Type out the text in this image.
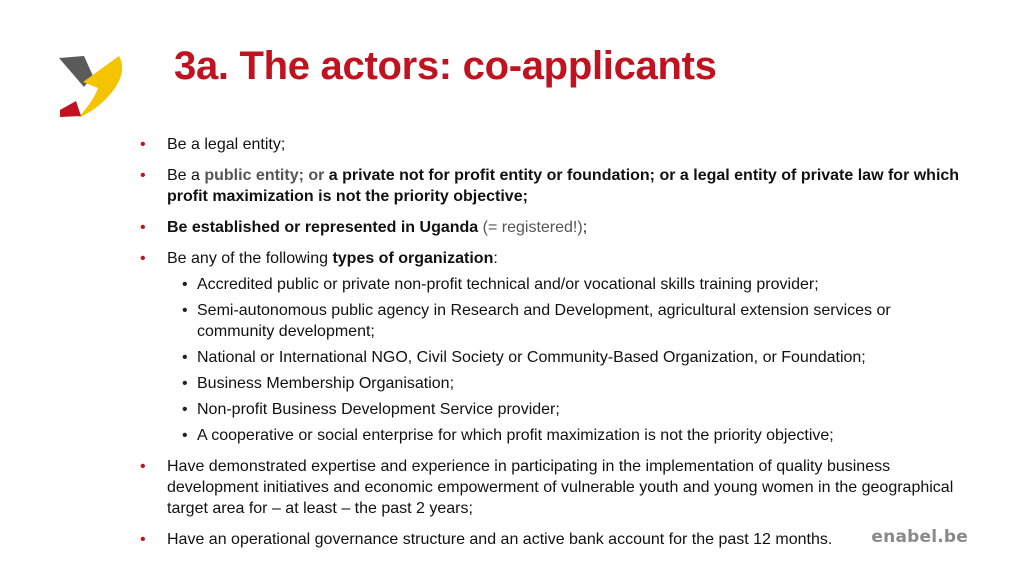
3a. The actors: co-applicants
• Be a legal entity;
• Be a public entity; or a private not for profit entity or foundation; or a legal entity of private law for which profit maximization is not the priority objective;
• Be established or represented in Uganda (= registered!);
• Be any of the following types of organization:
• Accredited public or private non-profit technical and/or vocational skills training provider;
• Semi-autonomous public agency in Research and Development, agricultural extension services or community development;
• National or International NGO, Civil Society or Community-Based Organization, or Foundation;
• Business Membership Organisation;
• Non-profit Business Development Service provider;
• A cooperative or social enterprise for which profit maximization is not the priority objective;
• Have demonstrated expertise and experience in participating in the implementation of quality business development initiatives and economic empowerment of vulnerable youth and young women in the geographical target area for – at least – the past 2 years;
• Have an operational governance structure and an active bank account for the past 12 months.	enabel.be
